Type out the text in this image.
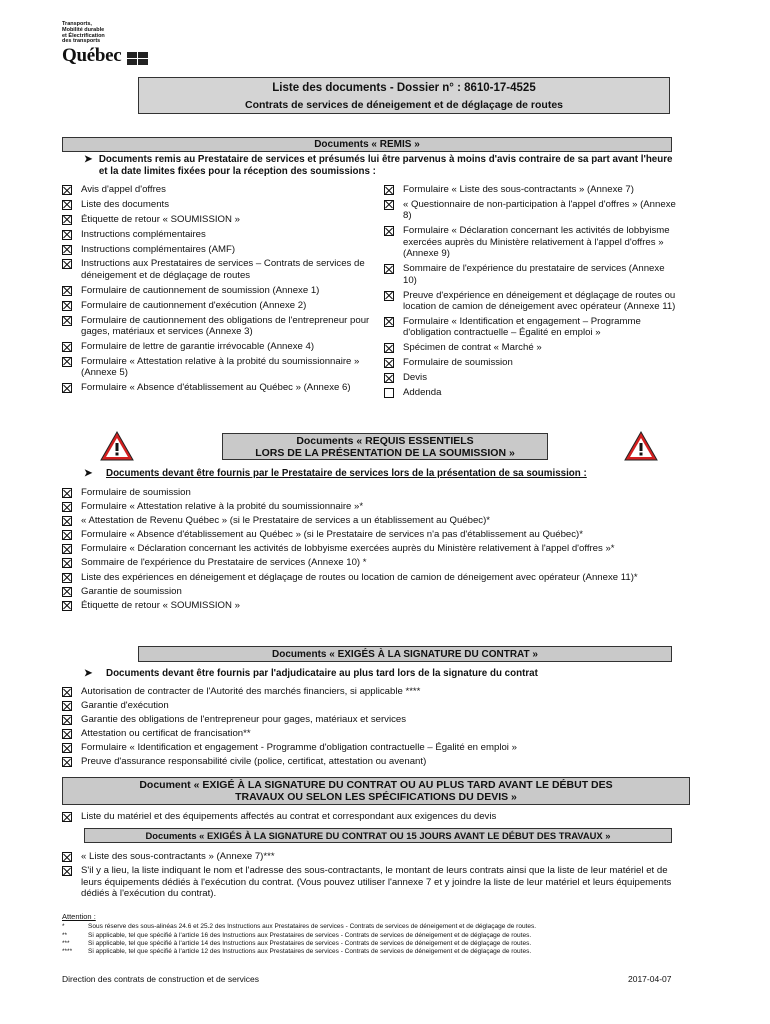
Transports,
Mobilité durable
et Électrification
des transports
Québec
Liste des documents - Dossier n° : 8610-17-4525
Contrats de services de déneigement et de déglaçage de routes
Documents « REMIS »
➤ Documents remis au Prestataire de services et présumés lui être parvenus à moins d'avis contraire de sa part avant l'heure et la date limites fixées pour la réception des soumissions :
Avis d'appel d'offres
Liste des documents
Étiquette de retour « SOUMISSION »
Instructions complémentaires
Instructions complémentaires (AMF)
Instructions aux Prestataires de services – Contrats de services de déneigement et de déglaçage de routes
Formulaire de cautionnement de soumission (Annexe 1)
Formulaire de cautionnement d'exécution (Annexe 2)
Formulaire de cautionnement des obligations de l'entrepreneur pour gages, matériaux et services (Annexe 3)
Formulaire de lettre de garantie irrévocable (Annexe 4)
Formulaire « Attestation relative à la probité du soumissionnaire » (Annexe 5)
Formulaire « Absence d'établissement au Québec » (Annexe 6)
Formulaire « Liste des sous-contractants » (Annexe 7)
« Questionnaire de non-participation à l'appel d'offres » (Annexe 8)
Formulaire « Déclaration concernant les activités de lobbyisme exercées auprès du Ministère relativement à l'appel d'offres » (Annexe 9)
Sommaire de l'expérience du prestataire de services (Annexe 10)
Preuve d'expérience en déneigement et déglaçage de routes ou location de camion de déneigement avec opérateur (Annexe 11)
Formulaire « Identification et engagement – Programme d'obligation contractuelle – Égalité en emploi »
Spécimen de contrat « Marché »
Formulaire de soumission
Devis
Addenda
Documents « REQUIS ESSENTIELS
LORS DE LA PRÉSENTATION DE LA SOUMISSION »
➤	Documents devant être fournis par le Prestataire de services lors de la présentation de sa soumission :
Formulaire de soumission
Formulaire « Attestation relative à la probité du soumissionnaire »*
« Attestation de Revenu Québec » (si le Prestataire de services a un établissement au Québec)*
Formulaire « Absence d'établissement au Québec » (si le Prestataire de services n'a pas d'établissement au Québec)*
Formulaire « Déclaration concernant les activités de lobbyisme exercées auprès du Ministère relativement à l'appel d'offres »*
Sommaire de l'expérience du Prestataire de services (Annexe 10) *
Liste des expériences en déneigement et déglaçage de routes ou location de camion de déneigement avec opérateur (Annexe 11)*
Garantie de soumission
Étiquette de retour « SOUMISSION »
Documents « EXIGÉS À LA SIGNATURE DU CONTRAT »
➤	Documents devant être fournis par l'adjudicataire au plus tard lors de la signature du contrat
Autorisation de contracter de l'Autorité des marchés financiers, si applicable ****
Garantie d'exécution
Garantie des obligations de l'entrepreneur pour gages, matériaux et services
Attestation ou certificat de francisation**
Formulaire « Identification et engagement - Programme d'obligation contractuelle – Égalité en emploi »
Preuve d'assurance responsabilité civile (police, certificat, attestation ou avenant)
Document « EXIGÉ À LA SIGNATURE DU CONTRAT OU AU PLUS TARD AVANT LE DÉBUT DES
TRAVAUX OU SELON LES SPÉCIFICATIONS DU DEVIS »
Liste du matériel et des équipements affectés au contrat et correspondant aux exigences du devis
Documents « EXIGÉS À LA SIGNATURE DU CONTRAT OU 15 JOURS AVANT LE DÉBUT DES TRAVAUX »
« Liste des sous-contractants » (Annexe 7)***
S'il y a lieu, la liste indiquant le nom et l'adresse des sous-contractants, le montant de leurs contrats ainsi que la liste de leur matériel et de leurs équipements dédiés à l'exécution du contrat. (Vous pouvez utiliser l'annexe 7 et y joindre la liste de leur matériel et leurs équipements dédiés à l'exécution du contrat).
Attention :
*	Sous réserve des sous-alinéas 24.6 et 25.2 des Instructions aux Prestataires de services - Contrats de services de déneigement et de déglaçage de routes.
**	Si applicable, tel que spécifié à l'article 16 des Instructions aux Prestataires de services - Contrats de services de déneigement et de déglaçage de routes.
***	Si applicable, tel que spécifié à l'article 14 des Instructions aux Prestataires de services - Contrats de services de déneigement et de déglaçage de routes.
****	Si applicable, tel que spécifié à l'article 12 des Instructions aux Prestataires de services - Contrats de services de déneigement et de déglaçage de routes.
Direction des contrats de construction et de services	2017-04-07
